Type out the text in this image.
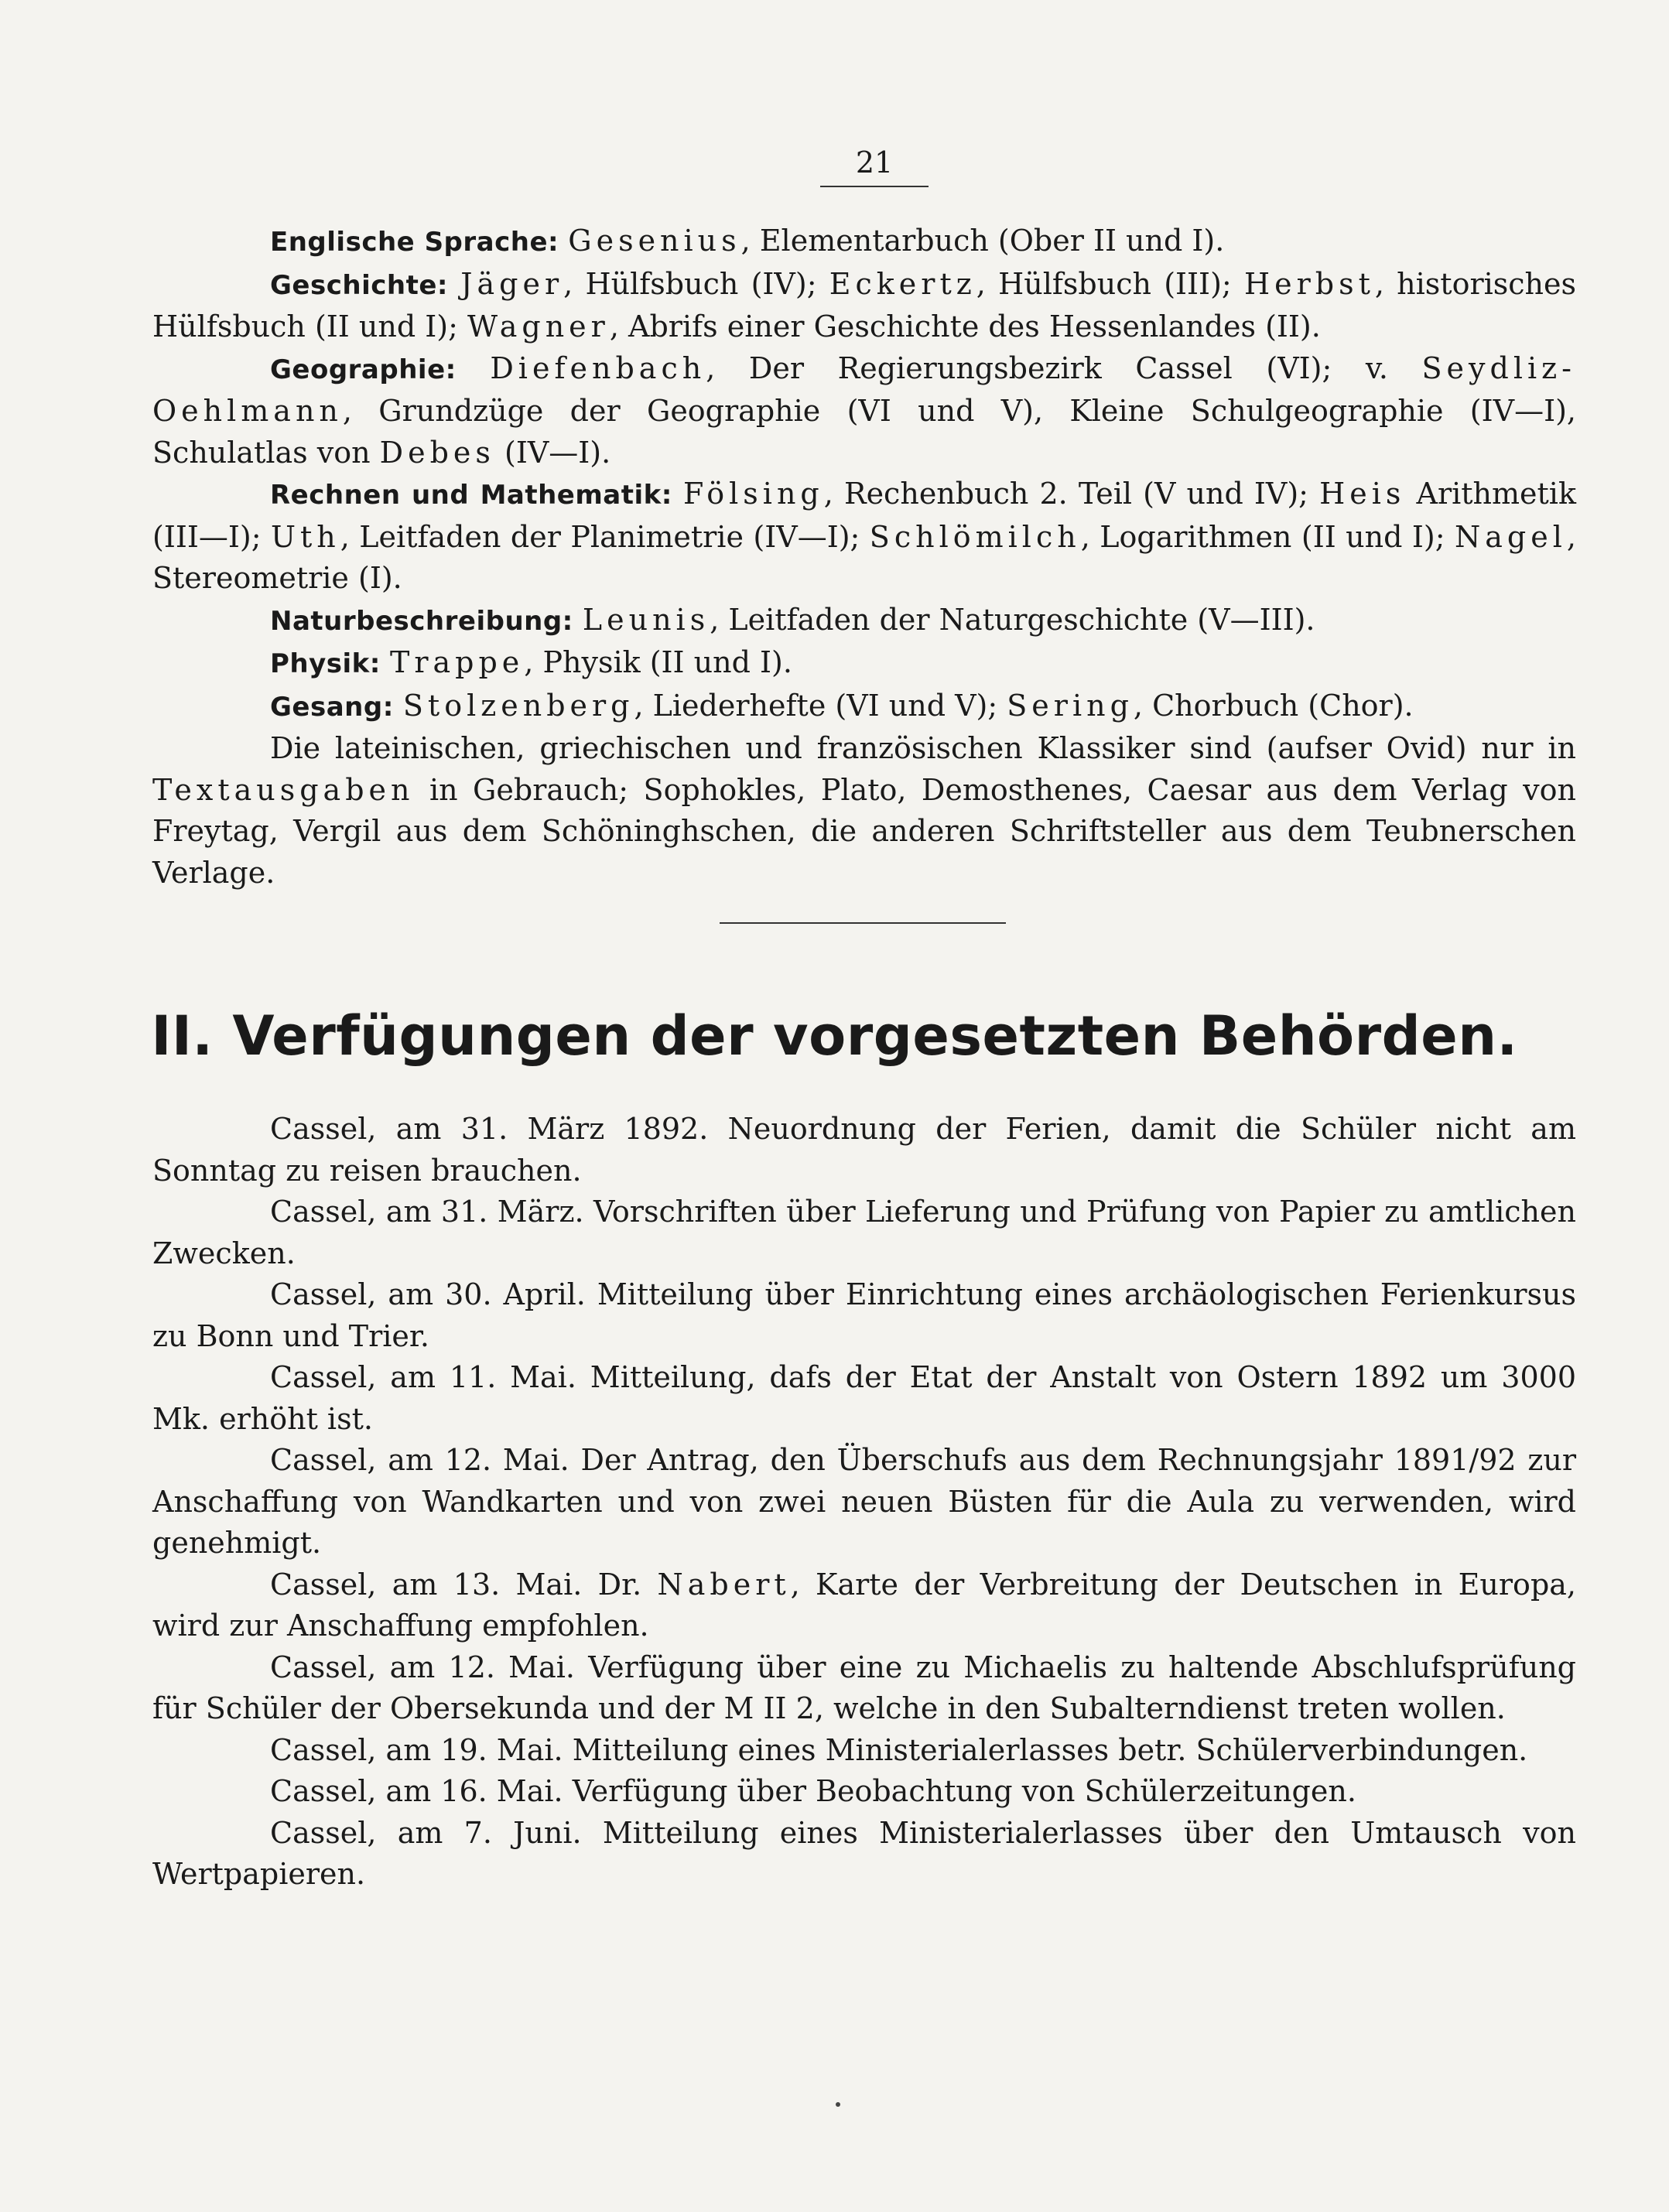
21

Englische Sprache: Gesenius, Elementarbuch (Ober II und I).

Geschichte: Jäger, Hülfsbuch (IV); Eckertz, Hülfsbuch (III); Herbst, historisches Hülfsbuch (II und I); Wagner, Abrifs einer Geschichte des Hessenlandes (II).

Geographie: Diefenbach, Der Regierungsbezirk Cassel (VI); v. Seydliz-Oehlmann, Grundzüge der Geographie (VI und V), Kleine Schulgeographie (IV—I), Schulatlas von Debes (IV—I).

Rechnen und Mathematik: Fölsing, Rechenbuch 2. Teil (V und IV); Heis Arithmetik (III—I); Uth, Leitfaden der Planimetrie (IV—I); Schlömilch, Logarithmen (II und I); Nagel, Stereometrie (I).

Naturbeschreibung: Leunis, Leitfaden der Naturgeschichte (V—III).

Physik: Trappe, Physik (II und I).

Gesang: Stolzenberg, Liederhefte (VI und V); Sering, Chorbuch (Chor).

Die lateinischen, griechischen und französischen Klassiker sind (aufser Ovid) nur in Textausgaben in Gebrauch; Sophokles, Plato, Demosthenes, Caesar aus dem Verlag von Freytag, Vergil aus dem Schöninghschen, die anderen Schriftsteller aus dem Teubnerschen Verlage.

II. Verfügungen der vorgesetzten Behörden.

Cassel, am 31. März 1892. Neuordnung der Ferien, damit die Schüler nicht am Sonntag zu reisen brauchen.

Cassel, am 31. März. Vorschriften über Lieferung und Prüfung von Papier zu amtlichen Zwecken.

Cassel, am 30. April. Mitteilung über Einrichtung eines archäologischen Ferienkursus zu Bonn und Trier.

Cassel, am 11. Mai. Mitteilung, dafs der Etat der Anstalt von Ostern 1892 um 3000 Mk. erhöht ist.

Cassel, am 12. Mai. Der Antrag, den Überschufs aus dem Rechnungsjahr 1891/92 zur Anschaffung von Wandkarten und von zwei neuen Büsten für die Aula zu verwenden, wird genehmigt.

Cassel, am 13. Mai. Dr. Nabert, Karte der Verbreitung der Deutschen in Europa, wird zur Anschaffung empfohlen.

Cassel, am 12. Mai. Verfügung über eine zu Michaelis zu haltende Abschlufsprüfung für Schüler der Obersekunda und der M II 2, welche in den Subalterndienst treten wollen.

Cassel, am 19. Mai. Mitteilung eines Ministerialerlasses betr. Schülerverbindungen.

Cassel, am 16. Mai. Verfügung über Beobachtung von Schülerzeitungen.

Cassel, am 7. Juni. Mitteilung eines Ministerialerlasses über den Umtausch von Wertpapieren.
